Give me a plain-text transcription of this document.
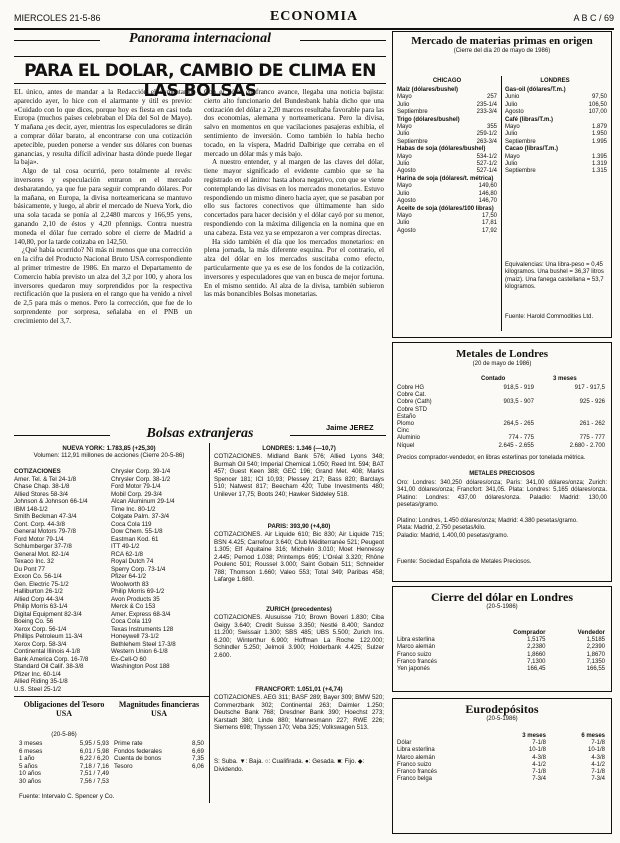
MIERCOLES 21-5-86	ECONOMIA	A B C / 69
Panorama internacional
PARA EL DOLAR, CAMBIO DE CLIMA EN LAS BOLSAS

EL único, antes de mandar a la Redacción el comentario aparecido ayer, lo hice con el alarmante y útil es previo: «Cuidado con lo que dices, porque hoy es fiesta en casi toda Europa (muchos países celebraban el Día del Sol de Mayo). Y mañana ¿es decir, ayer, mientras los especuladores se dirán a comprar dólar barato, al encontrarse con una cotización apetecible, pueden ponerse a vender sus dólares con buenas ganancias, y resulta difícil adivinar hasta dónde puede llegar la baja».

Algo de tal cosa ocurrió, pero totalmente al revés: inversores y especulación entraron en el mercado desbaratando, ya que fue para seguir comprando dólares. Por la mañana, en Europa, la divisa norteamericana se mantuvo básicamente, y luego, al abrir el mercado de Nueva York, dio una sola tacada se ponía al 2,2480 marcos y 166,95 yens, ganando 2,10 de éstos y 4,20 pfennigs. Contra nuestra moneda el dólar fue cerrado sobre el cierre de Madrid a 140,80, por la tarde cotizaba en 142,50.

¿Qué había ocurrido? Ni más ni menos que una corrección en la cifra del Producto Nacional Bruto USA correspondiente al primer trimestre de 1986. En marzo el Departamento de Comercio había previsto un alza del 3,2 por 100, y ahora los inversores quedaron muy sorprendidos por la respectiva rectificación que la pusiera en el rango que ha venido a nivel de 2,5 para más o menos. Pero la corrección, que fue de lo sorprendente por sorpresa, señalaba en el PNB un crecimiento del 3,7.

Con el dólar en franco avance, llegaba una noticia bajista: cierto alto funcionario del Bundesbank había dicho que una cotización del dólar a 2,20 marcos resultaba favorable para las dos economías, alemana y norteamericana. Pero la divisa, salvo en momentos en que vacilaciones pasajeras exhibía, el sentimiento de inversión. Como también lo había hecho tocado, en la víspera, Madrid Dalbirige que cerraba en el mercado un dólar más y más bajo.

A nuestro entender, y al margen de las claves del dólar, tiene mayor significado el evidente cambio que se ha registrado en el ánimo: hasta ahora negativo, con que se viene contemplando las divisas en los mercados monetarios. Estuvo respondiendo un mismo dinero hacia ayer, que se pasaban por ello sus factores conectivos que últimamente han sido concertados para hacer decisión y el dólar cayó por su menor, respondiendo con la máxima diligencia en la nomina que en una cabeza. Esta vez ya se empezaron a ver compras directas.

Ha sido también el día que los mercados monetarios: en plena jornada, la más diferente esquina. Por el contrario, el alza del dólar en los mercados suscitaba como efecto, particularmente que ya es ese de los fondos de la cotización, inversores y especuladores que van en busca de mejor fortuna. En el mismo sentido. Al alza de la divisa, también subieron las más bonancibles Bolsas monetarias.

Jaime JEREZ
Bolsas extranjeras
NUEVA YORK: 1.783,85 (+25,30)
Volumen: 112,91 millones de acciones (Cierre 20-5-86)
COTIZACIONES
Amer. Tel. & Tel 24-1/8
Chase Chap. 38-1/8
Allied Stores 58-3/4
Johnson & Johnson 66-1/4
IBM 148-1/2
Smith Beckman 47-3/4
Cont. Corp. 44-3/8
General Motors 79-7/8
Ford Motor 79-1/4
Schlumberger 37-7/8
General Mot. 82-1/4
Texaco Inc. 32
Du Pont 77
Exxon Co. 56-1/4
Gen. Electric 75-1/2
Halliburton 26-1/2
Allied Corp 44-3/4
Philip Morris 63-1/4
Digital Equipment 82-3/4
Boeing Co. 56
Xerox Corp. 56-1/4
Phillips Petroleum 11-3/4
Xerox Corp. 58-3/4
Continental Illinois 4-1/8
Bank America Corp. 16-7/8
Standard Oil Calif. 38-3/8
Pfizer Inc. 60-1/4
Allied Riding 35-1/8
U.S. Steel 25-1/2
Chrysler Corp. 39-1/4
Chrysler Corp. 38-1/2
Ford Motor 79-1/4
Mobil Corp. 29-3/4
Alcan Aluminum 29-1/4
Time Inc. 80-1/2
Colgate Palm. 37-3/4
Coca Cola 119
Dow Chem. 55-1/8
Eastman Kod. 61
ITT 49-1/2
RCA 62-1/8
Royal Dutch 74
Sperry Corp. 73-1/4
Pfizer 64-1/2
Woolworth 83
Philip Morris 69-1/2
Avon Products 35
Merck & Co 153
Amer. Express 68-3/4
Coca Cola 119
Texas Instruments 128
Honeywell 73-1/2
Bethlehem Steel 17-3/8
Western Union 6-1/8
Ex-Cell-O 60
Washington Post 188
LONDRES: 1.346 (—10,7)
COTIZACIONES. Midland Bank 576; Allied Lyons 348; Burmah Oil 540; Imperial Chemical 1.050; Reed Int. 594; BAT 457; Guest Keen 388; GEC 196; Grand Met. 408; Marks Spencer 181; ICI 10,93; Plessey 217; Bass 820; Barclays 510; Natwest 817; Beecham 420; Tube Investments 480; Unilever 17,75; Boots 240; Hawker Siddeley 518.
PARIS: 393,90 (+4,80)
COTIZACIONES. Air Liquide 610; Bic 830; Air Liquide 715; BSN 4.425; Carrefour 3.640; Club Méditerranée 521; Peugeot 1.305; Elf Aquitaine 316; Michelin 3.010; Moet Hennessy 2.445; Pernod 1.038; Printemps 695; L'Oréal 3.320; Rhône Poulenc 501; Roussel 3.000; Saint Gobain 511; Schneider 788; Thomson 1.660; Valeo 553; Total 349; Paribas 458; Lafarge 1.680.
ZURICH (precedentes)
COTIZACIONES. Alusuisse 710; Brown Boveri 1.830; Ciba Geigy 3.640; Credit Suisse 3.350; Nestlé 8.400; Sandoz 11.200; Swissair 1.300; SBS 485; UBS 5.500; Zurich Ins. 6.200; Winterthur 6.900; Hoffman La Roche 122.000; Schindler 5.250; Jelmoli 3.900; Holderbank 4.425; Sulzer 2.600.
FRANCFORT: 1.051,01 (+4,74)
COTIZACIONES. AEG 311; BASF 289; Bayer 309; BMW 520; Commerzbank 302; Continental 263; Daimler 1.250; Deutsche Bank 768; Dresdner Bank 390; Hoechst 273; Karstadt 380; Linde 880; Mannesmann 227; RWE 226; Siemens 698; Thyssen 170; Veba 325; Volkswagen 513.
S: Suba. ▼: Baja. ○: Cualifirada. ●: Gesada. ■: Fijo. ◆: Dividendo.
Obligaciones del Tesoro USA
Magnitudes financieras USA
(20-5-86)
3 meses	5,95 / 5,93
6 meses	6,01 / 5,98
1 año	6,22 / 6,20
5 años	7,18 / 7,16
10 años	7,51 / 7,49
30 años	7,56 / 7,53
Prime rate	8,50
Fondos federales	6,69
Cuenta de bonos	7,35
Tesoro	6,06
Fuente: Intervalo C. Spencer y Co.
Mercado de materias primas en origen
(Cierre del día 20 de mayo de 1986)
CHICAGO	LONDRES
Maíz (dólares/bushel)
Mayo	257
Julio	235-1/4
Septiembre	233-3/4
Trigo (dólares/bushel)
Mayo	355
Julio	259-1/2
Septiembre	263-3/4
Habas de soja (dólares/bushel)
Mayo	534-1/2
Julio	527-1/2
Agosto	527-1/4
Harina de soja (dólares/t. métrica)
Mayo	149,60
Julio	146,80
Agosto	146,70
Aceite de soja (dólares/100 libras)
Mayo	17,50
Julio	17,81
Agosto	17,92
Gas-oil (dólares/T.m.)
Junio	97,50
Julio	106,50
Agosto	107,00
Café (libras/T.m.)
Mayo	1.879
Julio	1.950
Septiembre	1.995
Cacao (libras/T.m.)
Mayo	1.395
Julio	1.319
Septiembre	1.315
Equivalencias: Una libra-peso = 0,45 kilogramos. Una bushel = 36,37 litros (maíz). Una fanega castellana = 53,7 kilogramos.
Fuente: Harold Commodities Ltd.
Metales de Londres
(20 de mayo de 1986)
Contado	3 meses
Cobre HG	918,5 - 919	917 - 917,5
Cobre Cat.		
Cobre (Cath)	903,5 - 907	925 - 926
Cobre STD		
Estaño		
Plomo	264,5 - 265	261 - 262
Cinc		
Aluminio	774 - 775	775 - 777
Níquel	2.645 - 2.655	2.680 - 2.700
Precios comprador-vendedor, en libras esterlinas por tonelada métrica.
METALES PRECIOSOS
Oro: Londres: 340,250 dólares/onza; París: 341,00 dólares/onza; Zurich: 341,00 dólares/onza; Francfort: 341,05. Plata: Londres: 5,165 dólares/onza. Platino: Londres: 437,00 dólares/onza. Paladio: Madrid: 130,00 pesetas/gramo.
Platino: Londres, 1.450 dólares/onza; Madrid: 4.380 pesetas/gramo.
Plata: Madrid, 2.750 pesetas/kilo.
Paladio: Madrid, 1.400,00 pesetas/gramo.
Fuente: Sociedad Española de Metales Preciosos.
Cierre del dólar en Londres
(20-5-1986)
	Comprador	Vendedor
Libra esterlina	1,5175	1,5185
Marco alemán	2,2380	2,2390
Franco suizo	1,8660	1,8670
Franco francés	7,1300	7,1350
Yen japonés	166,45	166,55
Eurodepósitos
(20-5-1986)
	3 meses	6 meses
Dólar	7-1/8	7-1/8
Libra esterlina	10-1/8	10-1/8
Marco alemán	4-3/8	4-3/8
Franco suizo	4-1/2	4-1/2
Franco francés	7-1/8	7-1/8
Franco belga	7-3/4	7-3/4
